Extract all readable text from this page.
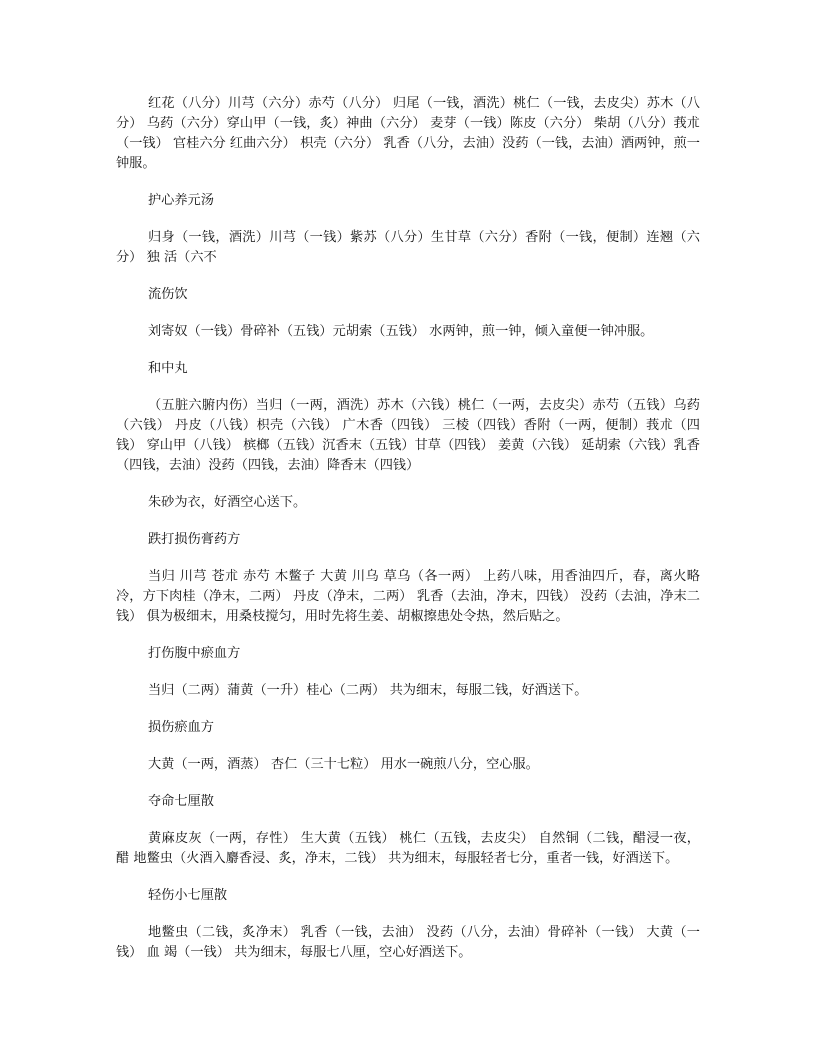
红花（八分）川芎（六分）赤芍（八分） 归尾（一钱，酒洗）桃仁（一钱，去皮尖）苏木（八分） 乌药（六分）穿山甲（一钱，炙）神曲（六分） 麦芽（一钱）陈皮（六分） 柴胡（八分）莪朮（一钱） 官桂六分 红曲六分） 枳壳（六分） 乳香（八分，去油）没药（一钱，去油）酒两钟，煎一钟服。

护心养元汤

归身（一钱，酒洗）川芎（一钱）紫苏（八分）生甘草（六分）香附（一钱，便制）连翘（六分） 独 活（六不

流伤饮

刘寄奴（一钱）骨碎补（五钱）元胡索（五钱） 水两钟，煎一钟，倾入童便一钟冲服。

和中丸

（五脏六腑内伤）当归（一两，酒洗）苏木（六钱）桃仁（一两，去皮尖）赤芍（五钱）乌药（六钱） 丹皮（八钱）枳壳（六钱） 广木香（四钱） 三棱（四钱）香附（一两，便制）莪朮（四钱） 穿山甲（八钱） 槟榔（五钱）沉香末（五钱）甘草（四钱） 姜黄（六钱） 延胡索（六钱）乳香（四钱，去油）没药（四钱，去油）降香末（四钱）

朱砂为衣，好酒空心送下。

跌打损伤膏药方

当归 川芎 苍朮 赤芍 木鳖子 大黄 川乌 草乌（各一两） 上药八味，用香油四斤，春，离火略冷，方下肉桂（净末，二两） 丹皮（净末，二两） 乳香（去油，净末，四钱） 没药（去油，净末二钱） 俱为极细末，用桑枝搅匀，用时先将生姜、胡椒擦患处令热，然后贴之。

打伤腹中瘀血方

当归（二两）蒲黄（一升）桂心（二两） 共为细末，每服二钱，好酒送下。

损伤瘀血方

大黄（一两，酒蒸） 杏仁（三十七粒） 用水一碗煎八分，空心服。

夺命七厘散

黄麻皮灰（一两，存性） 生大黄（五钱） 桃仁（五钱，去皮尖） 自然铜（二钱，醋浸一夜，醋 地鳖虫（火酒入麝香浸、炙，净末，二钱） 共为细末，每服轻者七分，重者一钱，好酒送下。

轻伤小七厘散

地鳖虫（二钱，炙净末） 乳香（一钱，去油） 没药（八分，去油）骨碎补（一钱） 大黄（一钱） 血 竭（一钱） 共为细末，每服七八厘，空心好酒送下。
